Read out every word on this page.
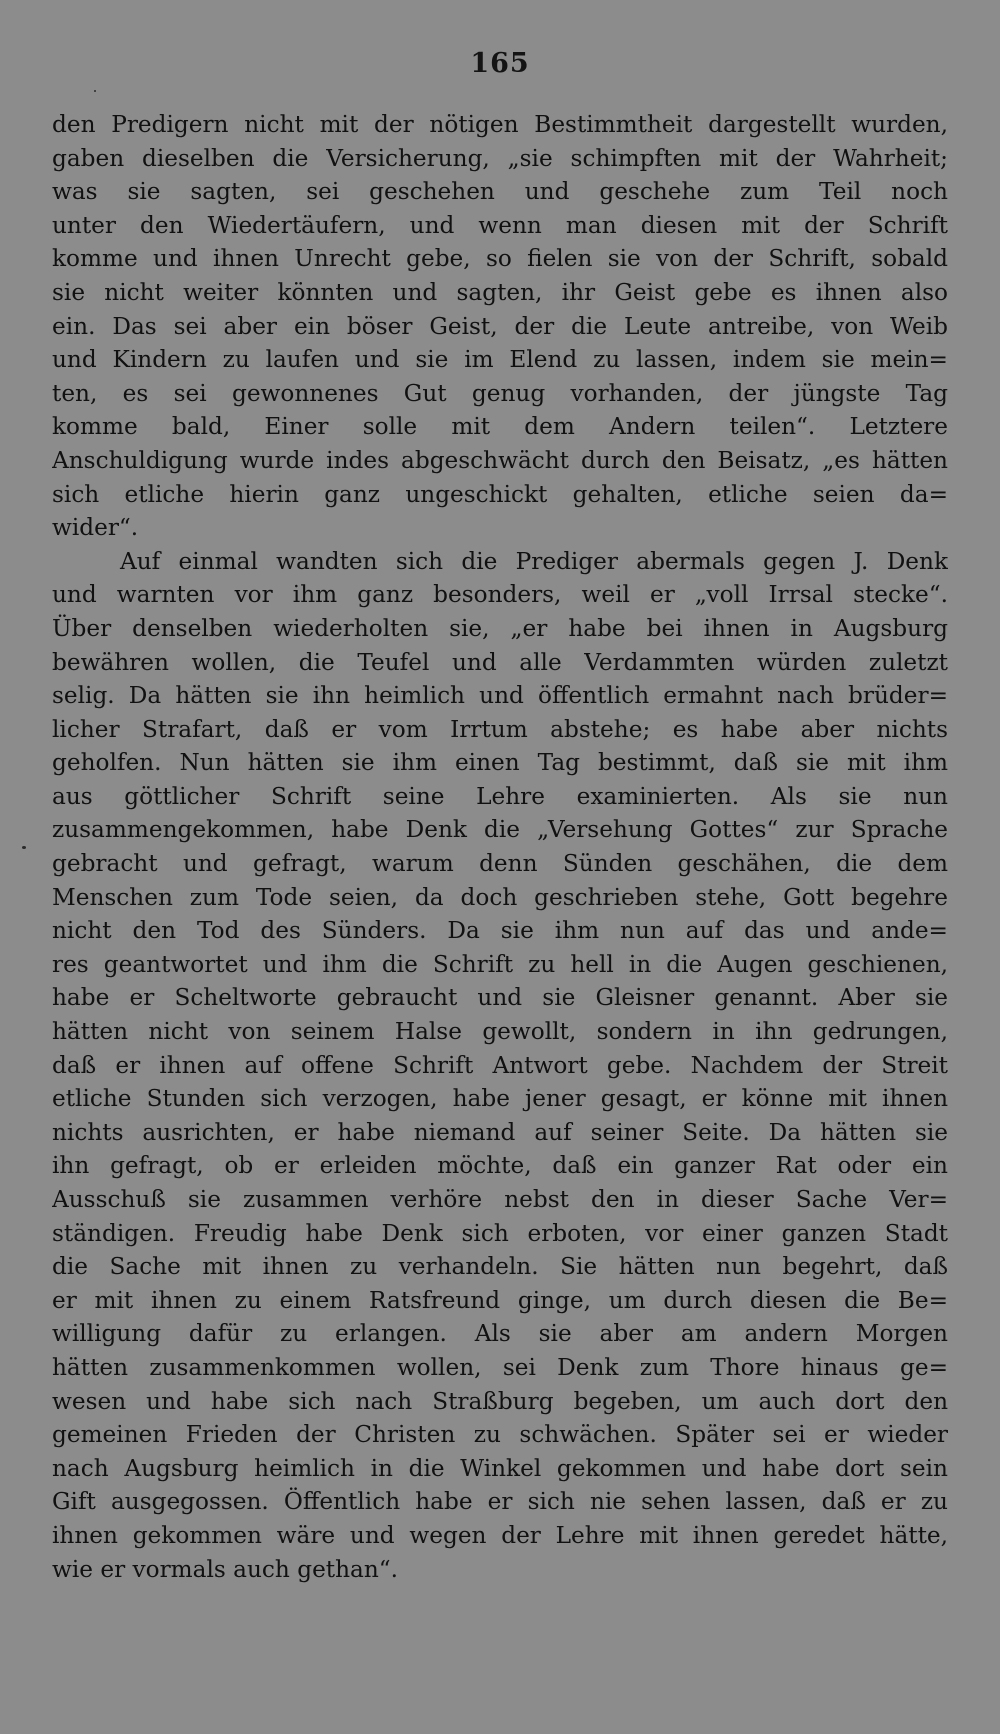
165
den Predigern nicht mit der nötigen Bestimmtheit dargestellt wurden,
gaben dieselben die Versicherung, „sie schimpften mit der Wahrheit;
was sie sagten, sei geschehen und geschehe zum Teil noch
unter den Wiedertäufern, und wenn man diesen mit der Schrift
komme und ihnen Unrecht gebe, so fielen sie von der Schrift, sobald
sie nicht weiter könnten und sagten, ihr Geist gebe es ihnen also
ein. Das sei aber ein böser Geist, der die Leute antreibe, von Weib
und Kindern zu laufen und sie im Elend zu lassen, indem sie mein=
ten, es sei gewonnenes Gut genug vorhanden, der jüngste Tag
komme bald, Einer solle mit dem Andern teilen“. Letztere
Anschuldigung wurde indes abgeschwächt durch den Beisatz, „es hätten
sich etliche hierin ganz ungeschickt gehalten, etliche seien da=
wider“.
Auf einmal wandten sich die Prediger abermals gegen J. Denk
und warnten vor ihm ganz besonders, weil er „voll Irrsal stecke“.
Über denselben wiederholten sie, „er habe bei ihnen in Augsburg
bewähren wollen, die Teufel und alle Verdammten würden zuletzt
selig. Da hätten sie ihn heimlich und öffentlich ermahnt nach brüder=
licher Strafart, daß er vom Irrtum abstehe; es habe aber nichts
geholfen. Nun hätten sie ihm einen Tag bestimmt, daß sie mit ihm
aus göttlicher Schrift seine Lehre examinierten. Als sie nun
zusammengekommen, habe Denk die „Versehung Gottes“ zur Sprache
gebracht und gefragt, warum denn Sünden geschähen, die dem
Menschen zum Tode seien, da doch geschrieben stehe, Gott begehre
nicht den Tod des Sünders. Da sie ihm nun auf das und ande=
res geantwortet und ihm die Schrift zu hell in die Augen geschienen,
habe er Scheltworte gebraucht und sie Gleisner genannt. Aber sie
hätten nicht von seinem Halse gewollt, sondern in ihn gedrungen,
daß er ihnen auf offene Schrift Antwort gebe. Nachdem der Streit
etliche Stunden sich verzogen, habe jener gesagt, er könne mit ihnen
nichts ausrichten, er habe niemand auf seiner Seite. Da hätten sie
ihn gefragt, ob er erleiden möchte, daß ein ganzer Rat oder ein
Ausschuß sie zusammen verhöre nebst den in dieser Sache Ver=
ständigen. Freudig habe Denk sich erboten, vor einer ganzen Stadt
die Sache mit ihnen zu verhandeln. Sie hätten nun begehrt, daß
er mit ihnen zu einem Ratsfreund ginge, um durch diesen die Be=
willigung dafür zu erlangen. Als sie aber am andern Morgen
hätten zusammenkommen wollen, sei Denk zum Thore hinaus ge=
wesen und habe sich nach Straßburg begeben, um auch dort den
gemeinen Frieden der Christen zu schwächen. Später sei er wieder
nach Augsburg heimlich in die Winkel gekommen und habe dort sein
Gift ausgegossen. Öffentlich habe er sich nie sehen lassen, daß er zu
ihnen gekommen wäre und wegen der Lehre mit ihnen geredet hätte,
wie er vormals auch gethan“.
